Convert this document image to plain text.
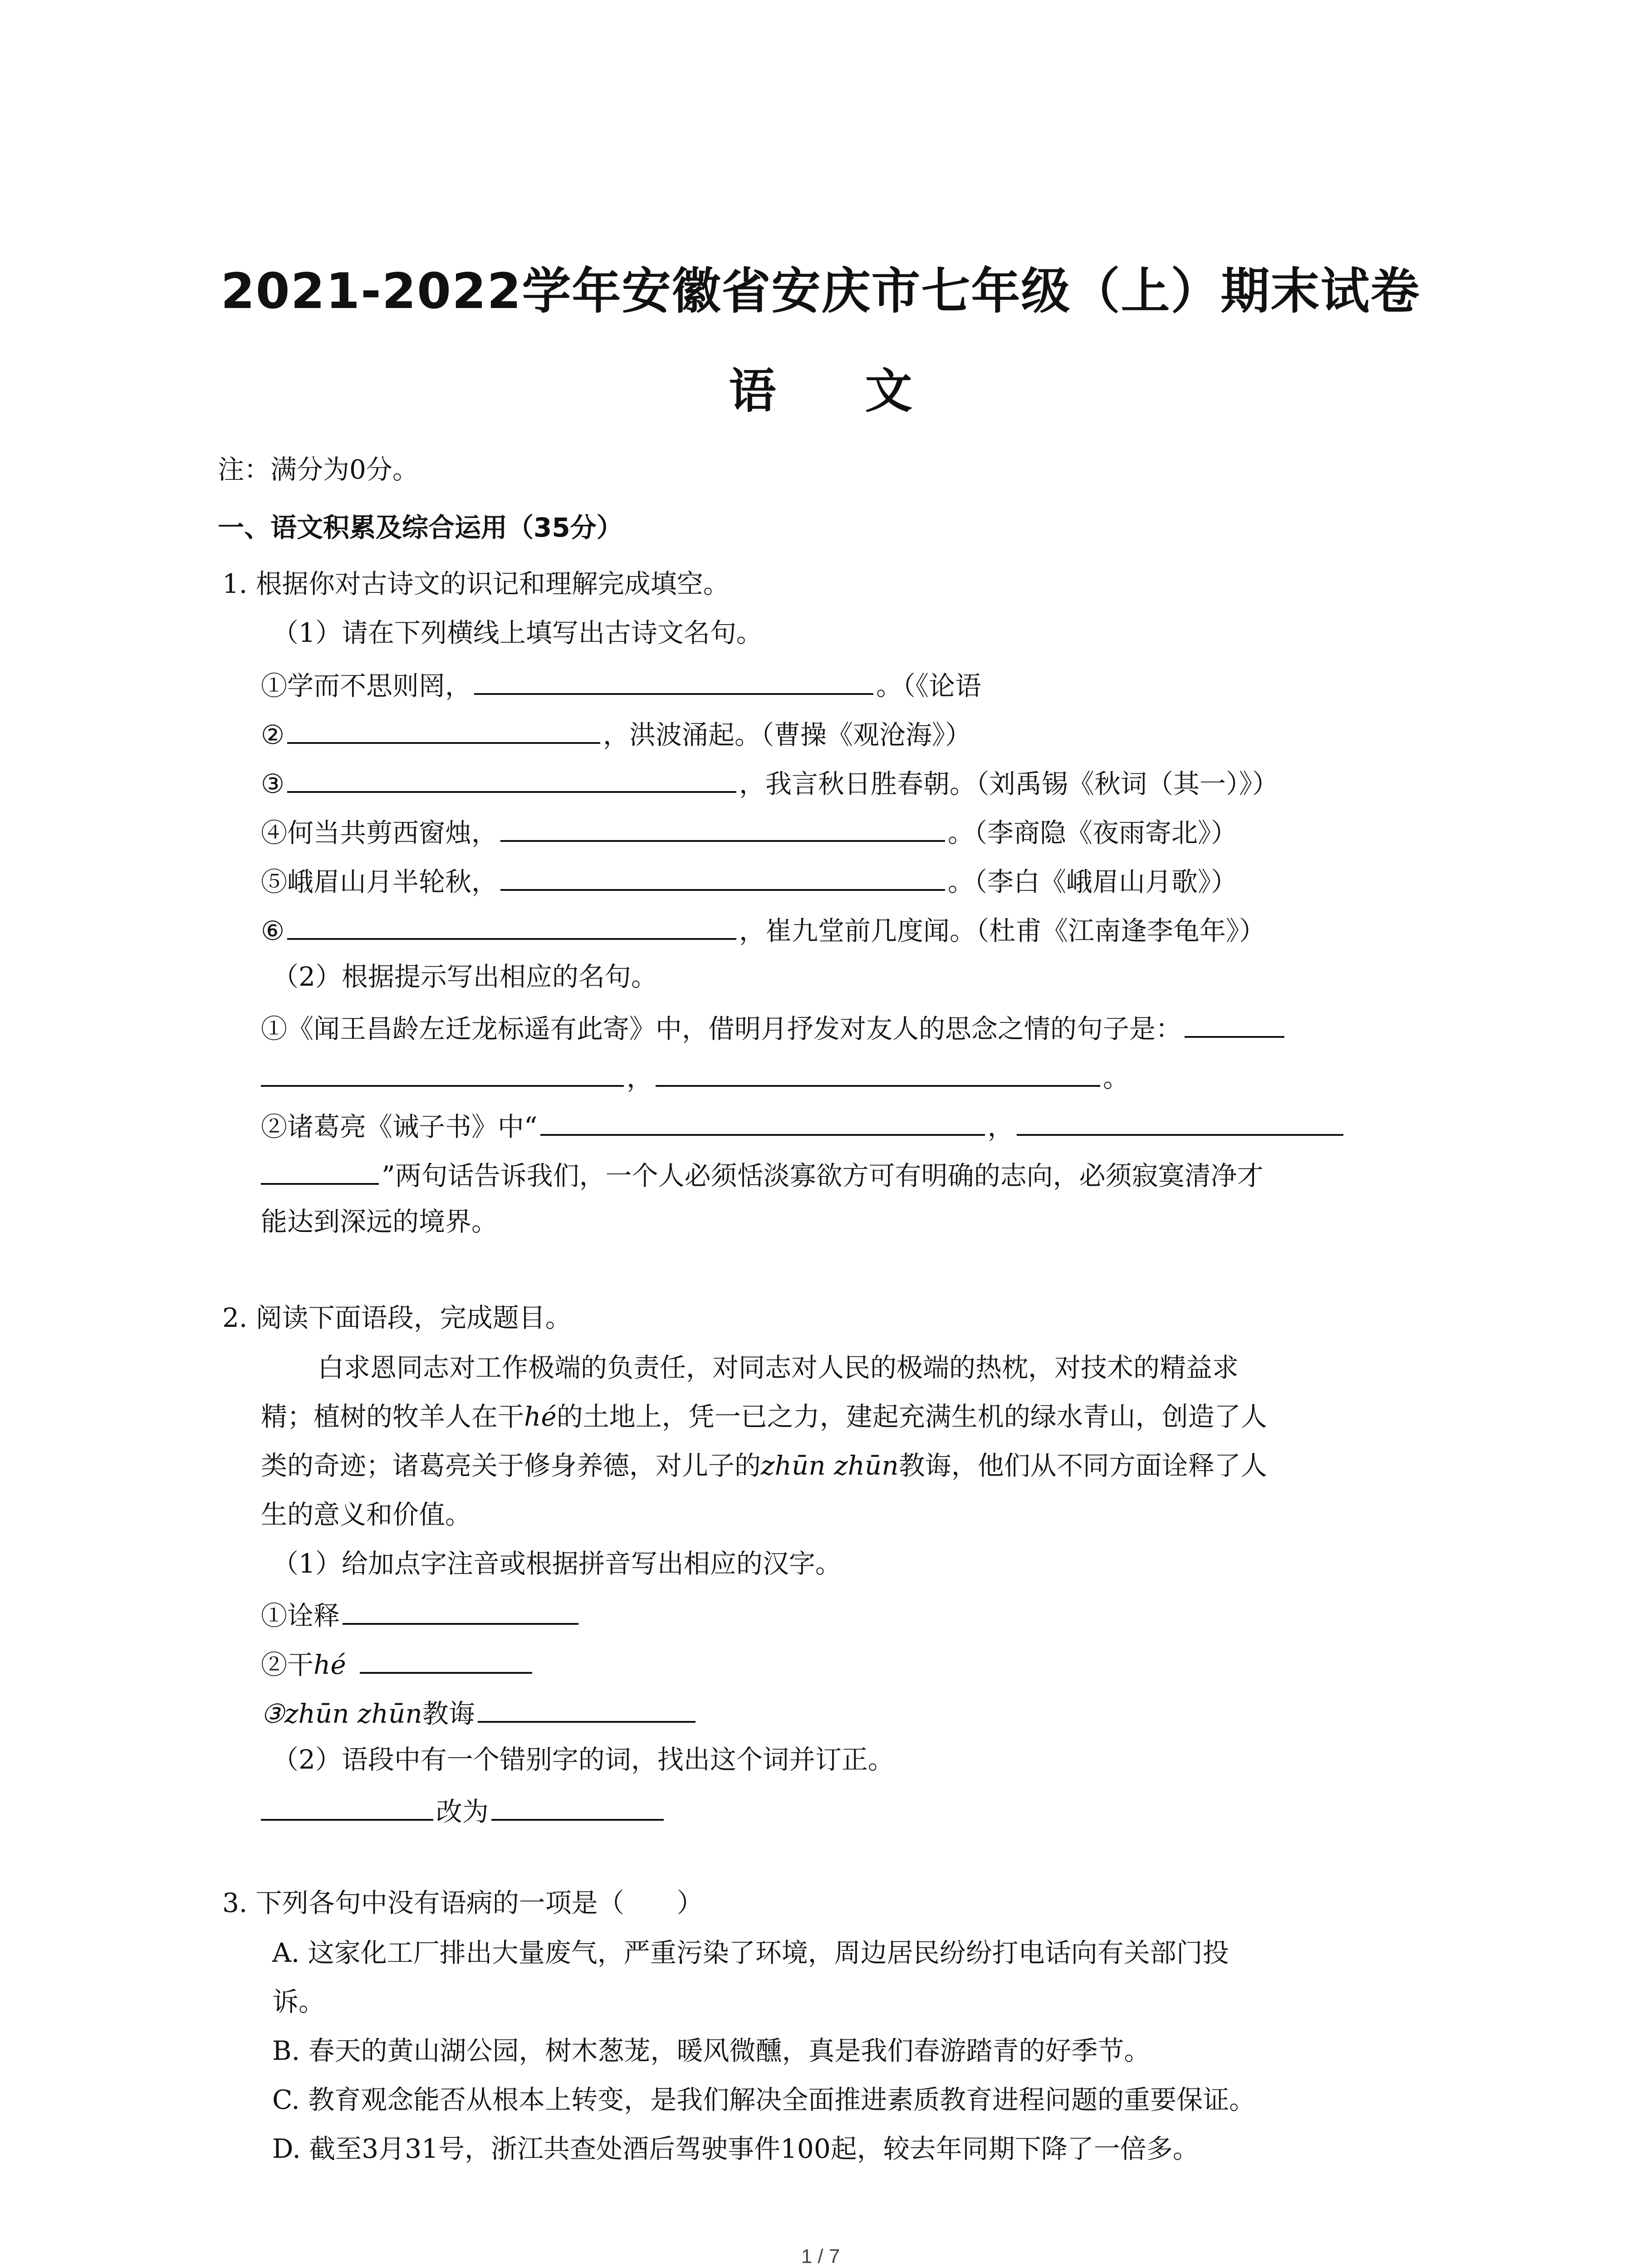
2021-2022学年安徽省安庆市七年级（上）期末试卷
语 文
注：满分为0分。
一、语文积累及综合运用（35分）
1. 根据你对古诗文的识记和理解完成填空。
（1）请在下列横线上填写出古诗文名句。
①学而不思则罔，	。（《论语
②	，洪波涌起。（曹操《观沧海》）
③	，我言秋日胜春朝。（刘禹锡《秋词（其一）》）
④何当共剪西窗烛，	。（李商隐《夜雨寄北》）
⑤峨眉山月半轮秋，	。（李白《峨眉山月歌》）
⑥	，崔九堂前几度闻。（杜甫《江南逢李龟年》）
（2）根据提示写出相应的名句。
①《闻王昌龄左迁龙标遥有此寄》中，借明月抒发对友人的思念之情的句子是：
，	。
②诸葛亮《诫子书》中“	，
”两句话告诉我们，一个人必须恬淡寡欲方可有明确的志向，必须寂寞清净才
能达到深远的境界。
2. 阅读下面语段，完成题目。
白求恩同志对工作极端的负责任，对同志对人民的极端的热枕，对技术的精益求
精；植树的牧羊人在干hé的土地上，凭一已之力，建起充满生机的绿水青山，创造了人
类的奇迹；诸葛亮关于修身养德，对儿子的zhūn zhūn教诲，他们从不同方面诠释了人
生的意义和价值。
（1）给加点字注音或根据拼音写出相应的汉字。
①诠释
②干hé
③zhūn zhūn教诲
（2）语段中有一个错别字的词，找出这个词并订正。
改为
3. 下列各句中没有语病的一项是（　　）
A. 这家化工厂排出大量废气，严重污染了环境，周边居民纷纷打电话向有关部门投
诉。
B. 春天的黄山湖公园，树木葱茏，暖风微醺，真是我们春游踏青的好季节。
C. 教育观念能否从根本上转变，是我们解决全面推进素质教育进程问题的重要保证。
D. 截至3月31号，浙江共查处酒后驾驶事件100起，较去年同期下降了一倍多。
1 / 7
